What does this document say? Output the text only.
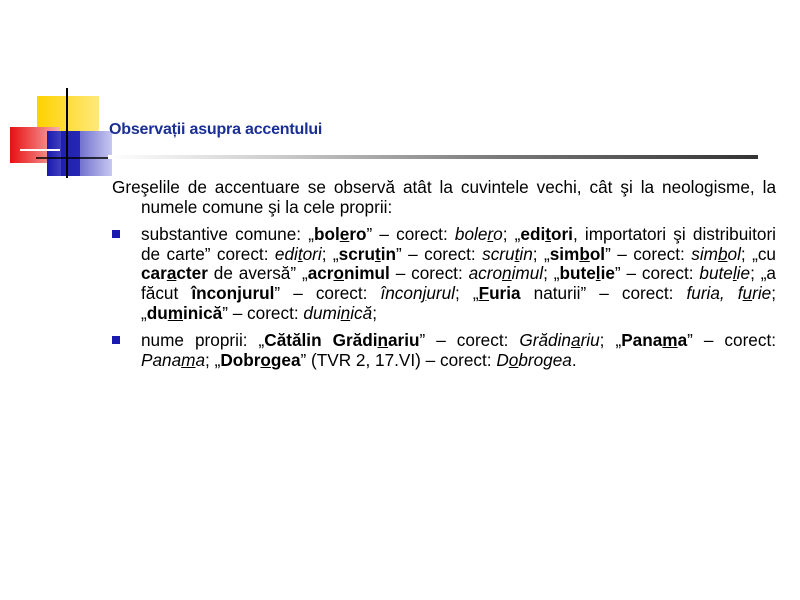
Observații asupra accentului

Greşelile de accentuare se observă atât la cuvintele vechi, cât şi la neologisme, la numele comune şi la cele proprii:

substantive comune: „bolero” – corect: bolero; „editori, importatori şi distribuitori de carte” corect: editori; „scrutin” – corect: scrutin; „simbol” – corect: simbol; „cu caracter de aversă” „acronimul – corect: acronimul; „butelie” – corect: butelie; „a făcut înconjurul” – corect: înconjurul; „Furia naturii” – corect: furia, furie; „duminică” – corect: duminică;
nume proprii: „Cătălin Grădinariu” – corect: Grădinariu; „Panama” – corect: Panama; „Dobrogea” (TVR 2, 17.VI) – corect: Dobrogea.
